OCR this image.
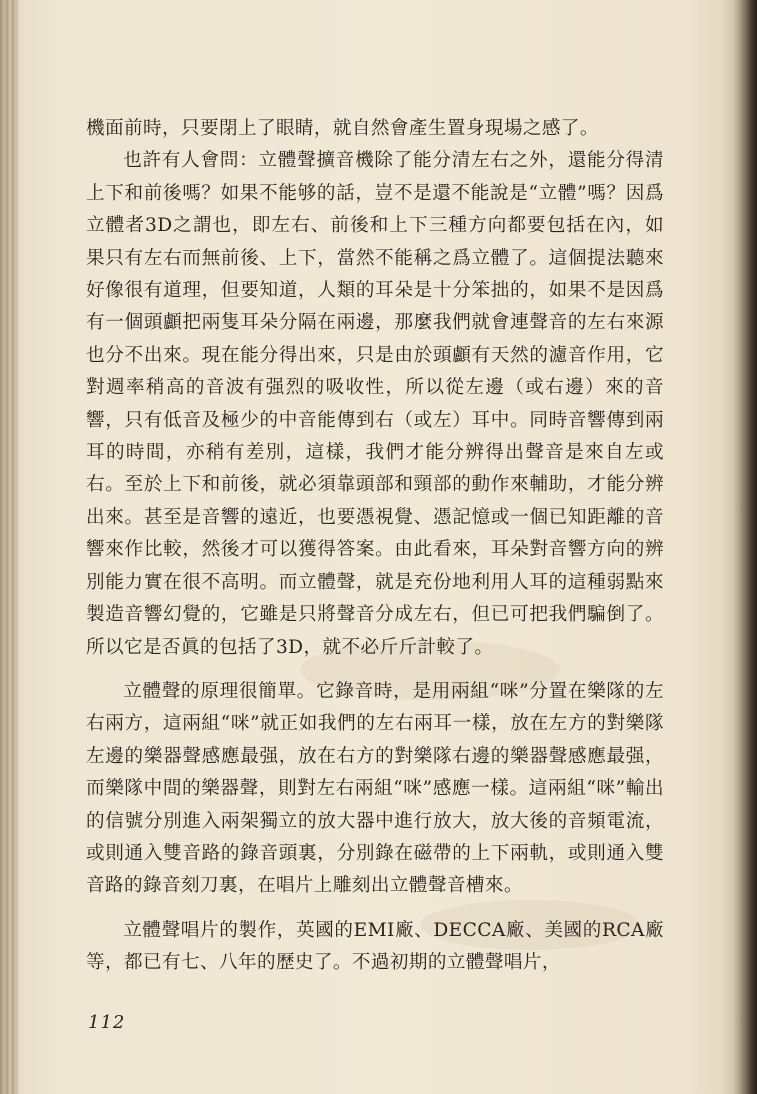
機面前時，只要閉上了眼睛，就自然會產生置身現場之感了。

也許有人會問：立體聲擴音機除了能分清左右之外，還能分得清上下和前後嗎？如果不能够的話，豈不是還不能說是“立體”嗎？因爲立體者3D之謂也，即左右、前後和上下三種方向都要包括在內，如果只有左右而無前後、上下，當然不能稱之爲立體了。這個提法聽來好像很有道理，但要知道，人類的耳朵是十分笨拙的，如果不是因爲有一個頭顱把兩隻耳朵分隔在兩邊，那麼我們就會連聲音的左右來源也分不出來。現在能分得出來，只是由於頭顱有天然的濾音作用，它對週率稍高的音波有强烈的吸收性，所以從左邊（或右邊）來的音響，只有低音及極少的中音能傳到右（或左）耳中。同時音響傳到兩耳的時間，亦稍有差別，這樣，我們才能分辨得出聲音是來自左或右。至於上下和前後，就必須靠頭部和頸部的動作來輔助，才能分辨出來。甚至是音響的遠近，也要憑視覺、憑記憶或一個已知距離的音響來作比較，然後才可以獲得答案。由此看來，耳朵對音響方向的辨別能力實在很不高明。而立體聲，就是充份地利用人耳的這種弱點來製造音響幻覺的，它雖是只將聲音分成左右，但已可把我們騙倒了。所以它是否眞的包括了3D，就不必斤斤計較了。

立體聲的原理很簡單。它錄音時，是用兩組“咪”分置在樂隊的左右兩方，這兩組“咪”就正如我們的左右兩耳一樣，放在左方的對樂隊左邊的樂器聲感應最强，放在右方的對樂隊右邊的樂器聲感應最强，而樂隊中間的樂器聲，則對左右兩組“咪”感應一樣。這兩組“咪”輸出的信號分別進入兩架獨立的放大器中進行放大，放大後的音頻電流，或則通入雙音路的錄音頭裏，分別錄在磁帶的上下兩軌，或則通入雙音路的錄音刻刀裏，在唱片上雕刻出立體聲音槽來。

立體聲唱片的製作，英國的EMI廠、DECCA廠、美國的RCA廠等，都已有七、八年的歷史了。不過初期的立體聲唱片，

112
